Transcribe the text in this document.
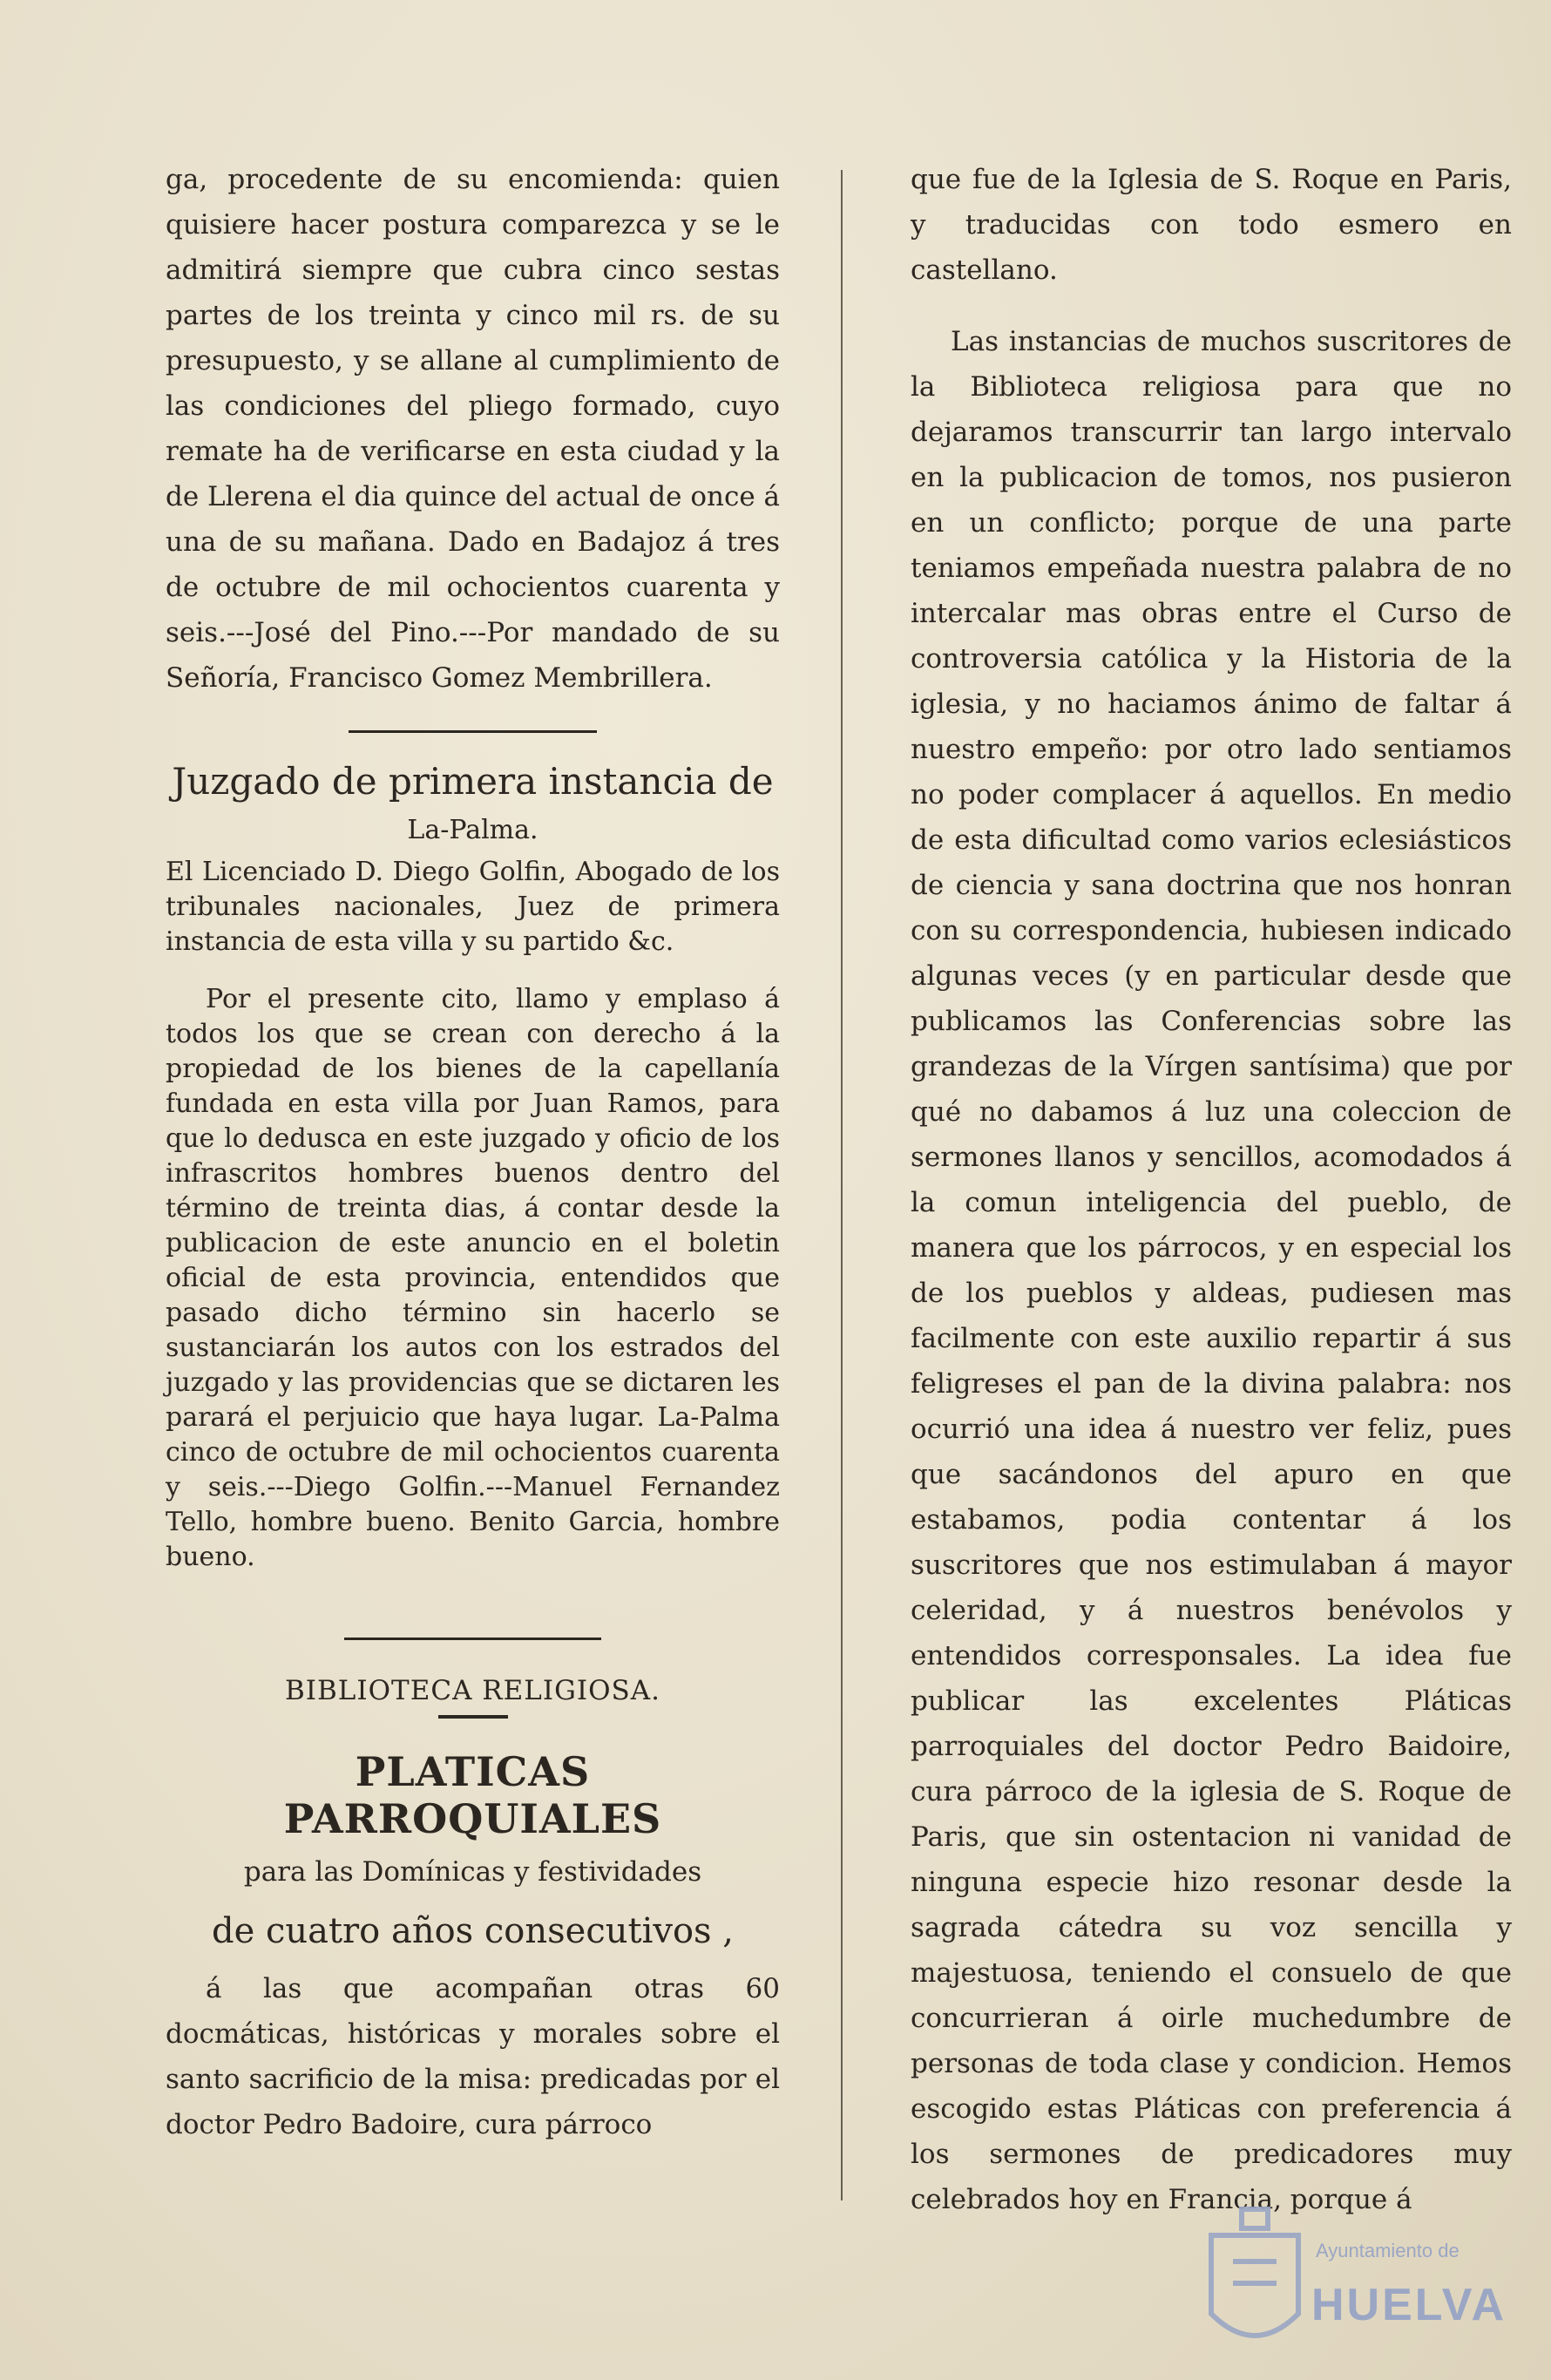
ga, procedente de su encomienda: quien quisiere hacer postura comparezca y se le admitirá siempre que cubra cinco sestas partes de los treinta y cinco mil rs. de su presupuesto, y se allane al cumplimiento de las condiciones del pliego formado, cuyo remate ha de verificarse en esta ciudad y la de Llerena el dia quince del actual de once á una de su mañana. Dado en Badajoz á tres de octubre de mil ochocientos cuarenta y seis.---José del Pino.---Por mandado de su Señoría, Francisco Gomez Membrillera.

Juzgado de primera instancia de
La-Palma.

El Licenciado D. Diego Golfin, Abogado de los tribunales nacionales, Juez de primera instancia de esta villa y su partido &c.

Por el presente cito, llamo y emplaso á todos los que se crean con derecho á la propiedad de los bienes de la capellanía fundada en esta villa por Juan Ramos, para que lo dedusca en este juzgado y oficio de los infrascritos hombres buenos dentro del término de treinta dias, á contar desde la publicacion de este anuncio en el boletin oficial de esta provincia, entendidos que pasado dicho término sin hacerlo se sustanciarán los autos con los estrados del juzgado y las providencias que se dictaren les parará el perjuicio que haya lugar. La-Palma cinco de octubre de mil ochocientos cuarenta y seis.---Diego Golfin.---Manuel Fernandez Tello, hombre bueno. Benito Garcia, hombre bueno.

BIBLIOTECA RELIGIOSA.
PLATICAS PARROQUIALES
para las Domínicas y festividades
de cuatro años consecutivos ,

á las que acompañan otras 60 docmáticas, históricas y morales sobre el santo sacrificio de la misa: predicadas por el doctor Pedro Badoire, cura párroco

que fue de la Iglesia de S. Roque en Paris, y traducidas con todo esmero en castellano.

Las instancias de muchos suscritores de la Biblioteca religiosa para que no dejaramos transcurrir tan largo intervalo en la publicacion de tomos, nos pusieron en un conflicto; porque de una parte teniamos empeñada nuestra palabra de no intercalar mas obras entre el Curso de controversia católica y la Historia de la iglesia, y no haciamos ánimo de faltar á nuestro empeño: por otro lado sentiamos no poder complacer á aquellos. En medio de esta dificultad como varios eclesiásticos de ciencia y sana doctrina que nos honran con su correspondencia, hubiesen indicado algunas veces (y en particular desde que publicamos las Conferencias sobre las grandezas de la Vírgen santísima) que por qué no dabamos á luz una coleccion de sermones llanos y sencillos, acomodados á la comun inteligencia del pueblo, de manera que los párrocos, y en especial los de los pueblos y aldeas, pudiesen mas facilmente con este auxilio repartir á sus feligreses el pan de la divina palabra: nos ocurrió una idea á nuestro ver feliz, pues que sacándonos del apuro en que estabamos, podia contentar á los suscritores que nos estimulaban á mayor celeridad, y á nuestros benévolos y entendidos corresponsales. La idea fue publicar las excelentes Pláticas parroquiales del doctor Pedro Baidoire, cura párroco de la iglesia de S. Roque de Paris, que sin ostentacion ni vanidad de ninguna especie hizo resonar desde la sagrada cátedra su voz sencilla y majestuosa, teniendo el consuelo de que concurrieran á oirle muchedumbre de personas de toda clase y condicion. Hemos escogido estas Pláticas con preferencia á los sermones de predicadores muy celebrados hoy en Francia, porque á

Ayuntamiento de
HUELVA
